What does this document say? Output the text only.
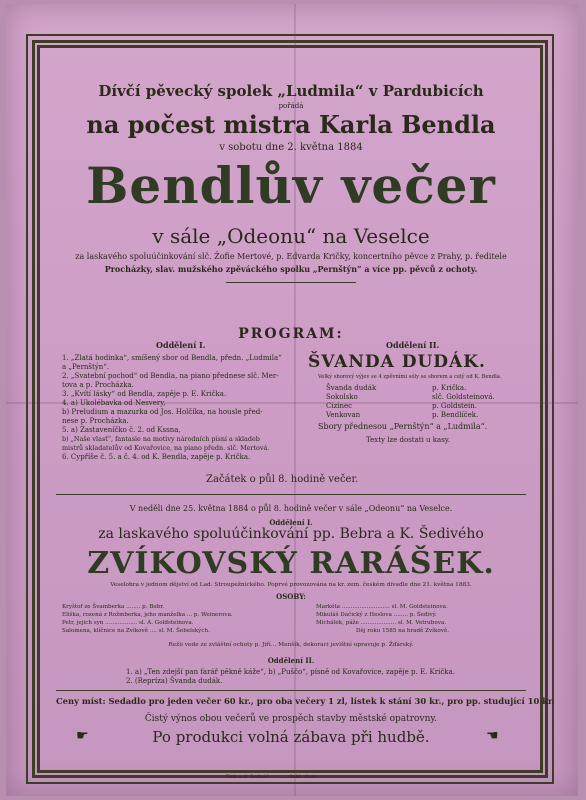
Dívčí pěvecký spolek „Ludmila“ v Pardubicích
pořádá
na počest mistra Karla Bendla
v sobotu dne 2. května 1884
Bendlův večer
v sále „Odeonu“ na Veselce
za laskavého spoluúčinkování slč. Žofie Mertové, p. Edvarda Kričky, koncertního pěvce z Prahy, p. ředitele
Procházky, slav. mužského zpěváckého spolku „Pernštýn“ a více pp. pěvců z ochoty.
PROGRAM:
Oddělení I.	Oddělení II.
1. „Zlatá hodinka“, smíšený sbor od Bendla, předn. „Ludmila“
a „Pernštýn“.
2. „Svatební pochod“ od Bendla, na piano přednese slč. Mer-
tova a p. Procházka.
3. „Kvítí lásky“ od Bendla, zapěje p. E. Krička.
4. a) Ukolébavka od Nesvery,
b) Preludium a mazurka od Jos. Holčíka, na housle před-
nese p. Procházka.
5. a) Zastaveníčko č. 2. od Kssna,
b) „Naše vlasť“, fantasie na motivy národních písní a skladeb
mistrů skladatelův od Kovařovice, na piano předn. slč. Mertová.
6. Cypříše č. 5. a č. 4. od K. Bendla, zapěje p. Krička.
ŠVANDA DUDÁK.
Velký sborový výjev se 4 zpěvními sóly se sborem a celý od K. Bendla.
Švanda dudák	p. Krička.
Sokolsko	slč. Goldsteinová.
Cizinec	p. Goldstein.
Venkovan	p. Bendlíček.
Sbory přednesou „Pernštýn“ a „Ludmila“.
Texty lze dostati u kasy.
Začátek o půl 8. hodině večer.
V neděli dne 25. května 1884 o půl 8. hodině večer v sále „Odeonu“ na Veselce.
Oddělení I.
za laskavého spoluúčinkování pp. Bebra a K. Šedivého
ZVÍKOVSKÝ RARÁŠEK.
Veselohra v jednom dějství od Lad. Stroupežnického. Poprvé provozována na kr. zem. českém divadle dne 21. května 1883.
OSOBY:
Kryštof ze Švamberka ........ p. Bebr.
Eliška, rozená z Rožmberka, jeho manželka ... p. Weinerova.
Petr, jejich syn .................. sl. A. Goldsteinova.
Salomena, klíčnice na Zvíkově .... sl. M. Šebelských.
Markéta ........................... sl. M. Goldsteinova.
Mikuláš Dačický z Heslova ........ p. Šedivý.
Michálek, páže .................... sl. M. Vetrubova.
Děj roku 1585 na hradě Zvíkově.
Režii vede ze zvláštní ochoty p. Jiří... Menšík, dekoraci jevištní upravuje p. Žďárský.
Oddělení II.
1. a) „Ten zdejší pan farář pěkně káže“, b) „Puščo“, písně od Kovařovice, zapěje p. E. Krička.
2. (Repríza) Švanda dudák.
Ceny míst: Sedadlo pro jeden večer 60 kr., pro oba večery 1 zl, lístek k stání 30 kr., pro pp. studující 10 kr.
Čistý výnos obou večerů ve prospěch stavby městské opatrovny.
Po produkci volná zábava při hudbě.
☛	☚
Tisk a sl. Bednář ... ....... Sakl. vlast.
